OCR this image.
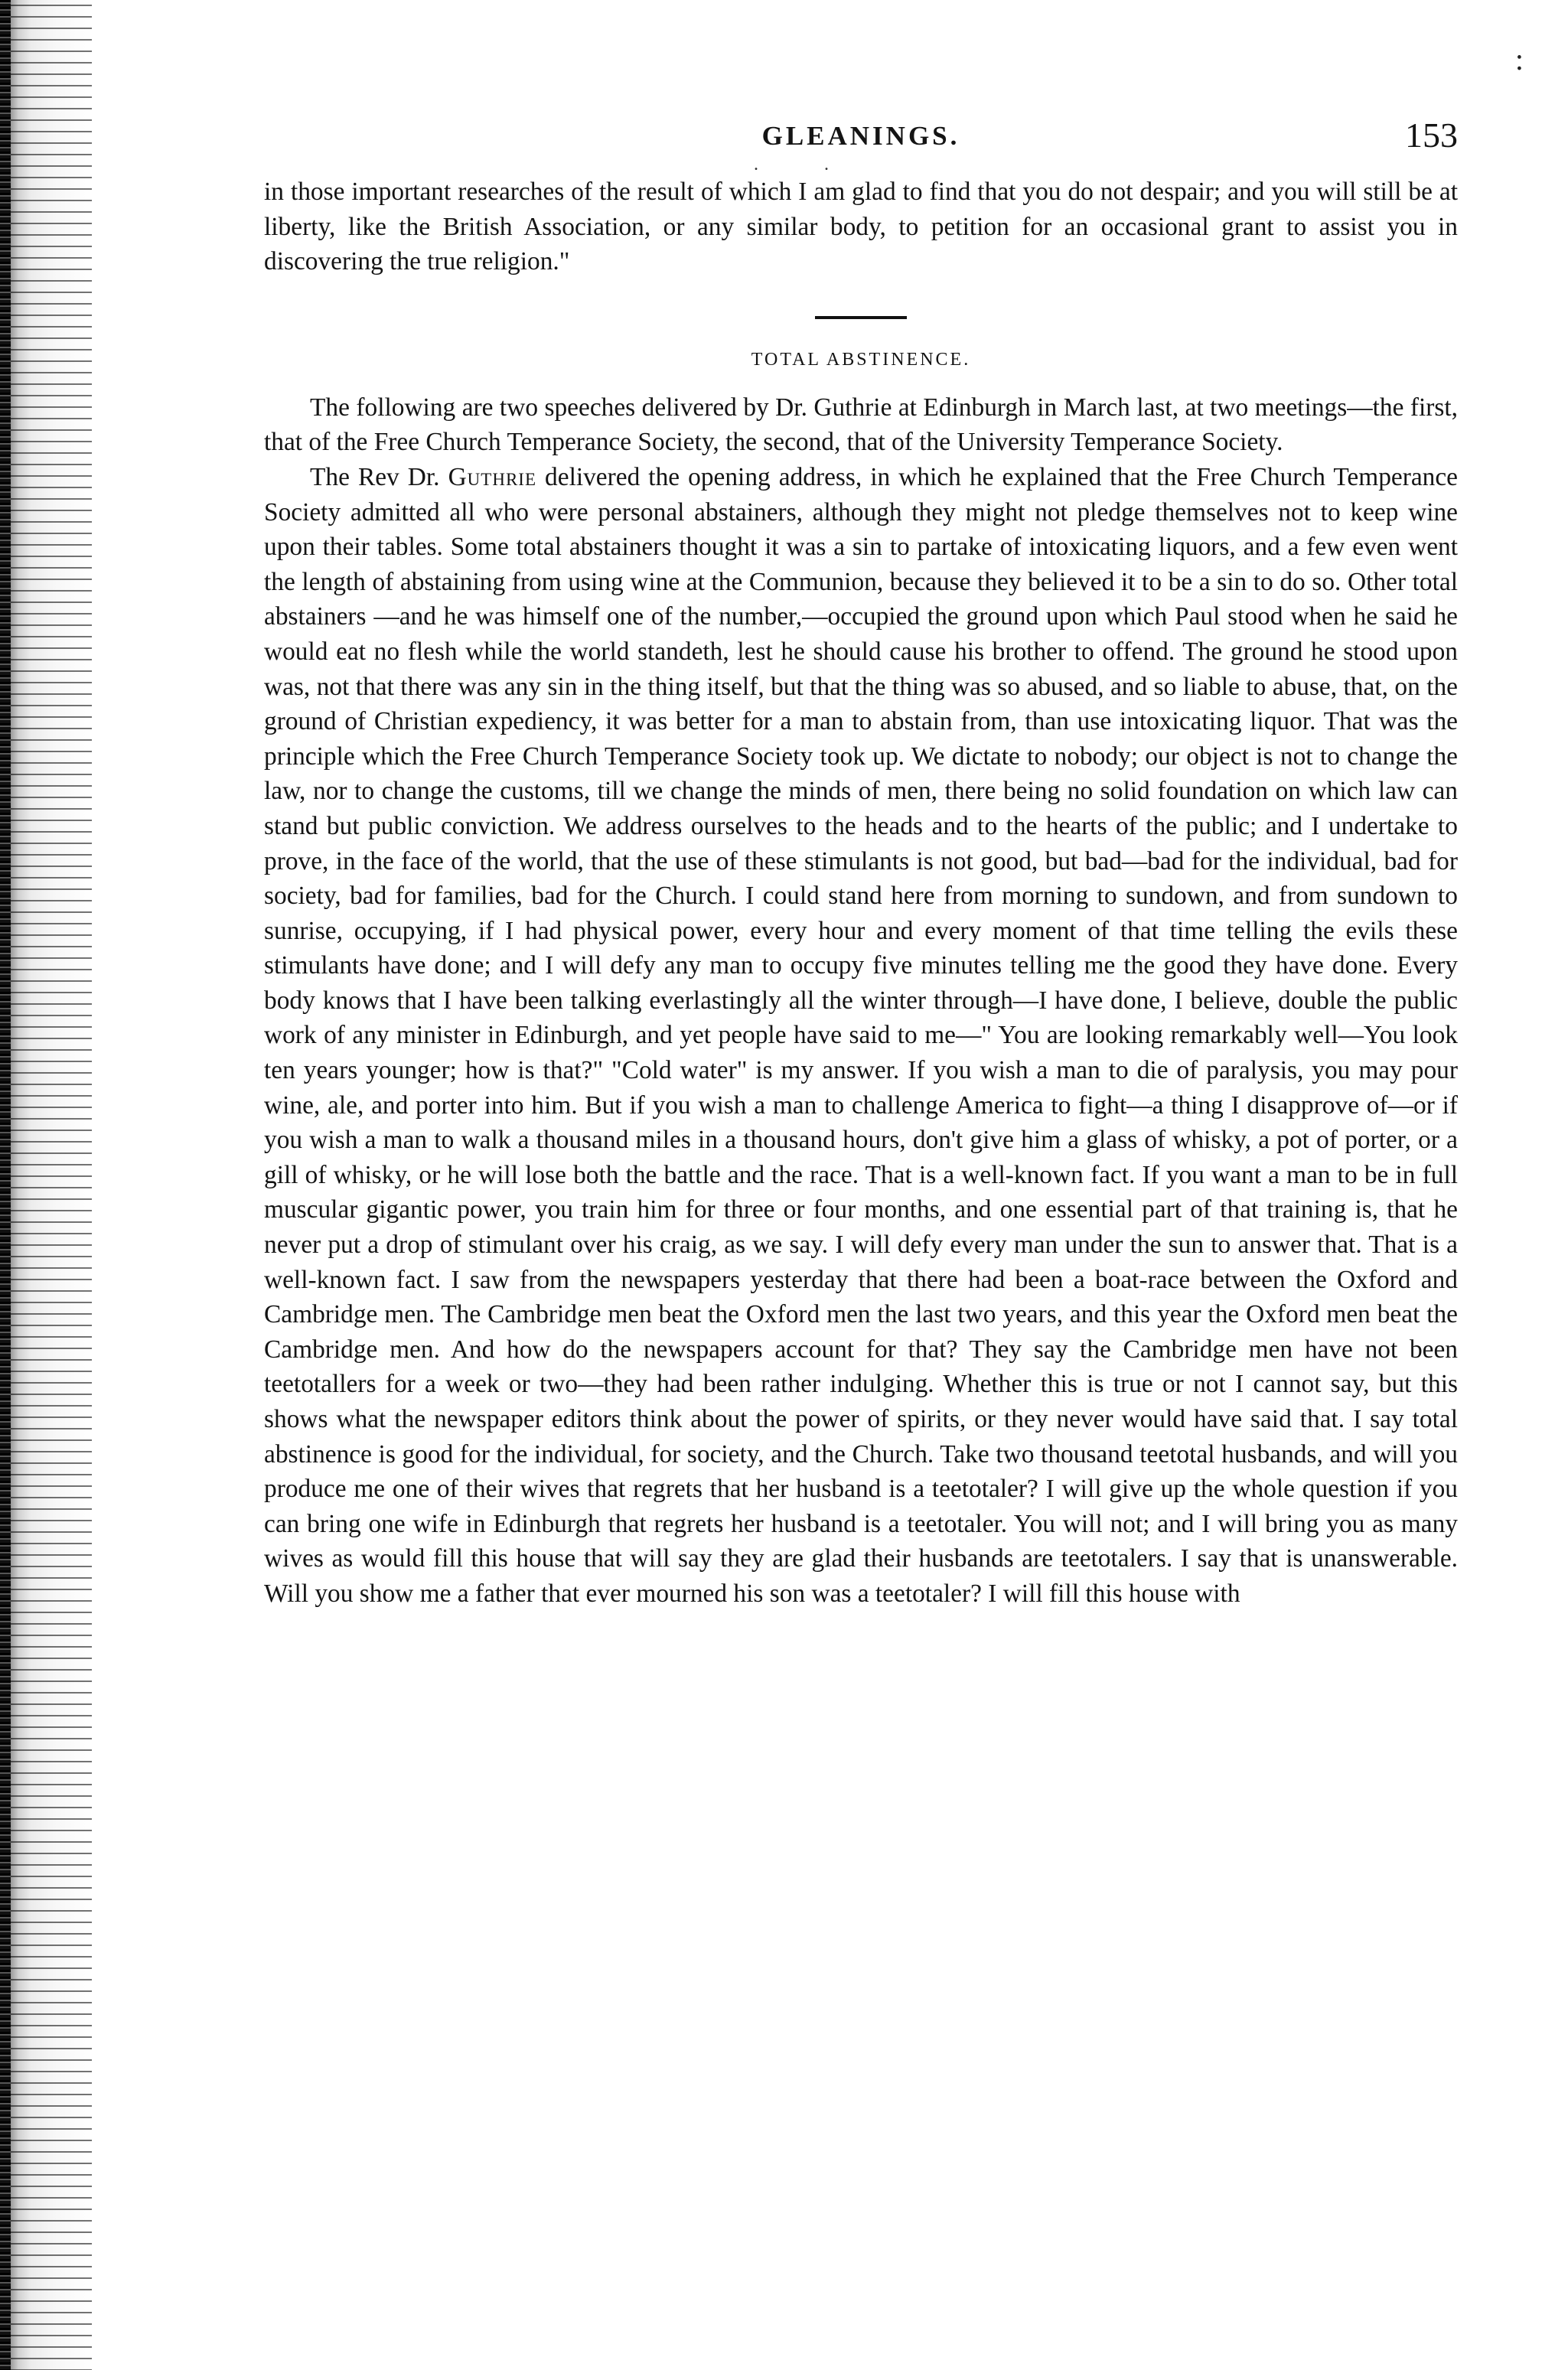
:
GLEANINGS.	153
. .

in those important researches of the result of which I am glad to find that you do not despair; and you will still be at liberty, like the British Association, or any similar body, to petition for an occasional grant to assist you in discovering the true religion."

TOTAL ABSTINENCE.

The following are two speeches delivered by Dr. Guthrie at Edinburgh in March last, at two meetings—the first, that of the Free Church Temperance Society, the second, that of the University Temperance Society.

The Rev Dr. Guthrie delivered the opening address, in which he explained that the Free Church Temperance Society admitted all who were personal abstainers, although they might not pledge themselves not to keep wine upon their tables. Some total abstainers thought it was a sin to partake of intoxicating liquors, and a few even went the length of abstaining from using wine at the Communion, because they believed it to be a sin to do so. Other total abstainers —and he was himself one of the number,—occupied the ground upon which Paul stood when he said he would eat no flesh while the world standeth, lest he should cause his brother to offend. The ground he stood upon was, not that there was any sin in the thing itself, but that the thing was so abused, and so liable to abuse, that, on the ground of Christian expediency, it was better for a man to abstain from, than use intoxicating liquor. That was the principle which the Free Church Temperance Society took up. We dictate to nobody; our object is not to change the law, nor to change the customs, till we change the minds of men, there being no solid foundation on which law can stand but public conviction. We address ourselves to the heads and to the hearts of the public; and I undertake to prove, in the face of the world, that the use of these stimulants is not good, but bad—bad for the individual, bad for society, bad for families, bad for the Church. I could stand here from morning to sundown, and from sundown to sunrise, occupying, if I had physical power, every hour and every moment of that time telling the evils these stimulants have done; and I will defy any man to occupy five minutes telling me the good they have done. Every body knows that I have been talking everlastingly all the winter through—I have done, I believe, double the public work of any minister in Edinburgh, and yet people have said to me—" You are looking remarkably well—You look ten years younger; how is that?" "Cold water" is my answer. If you wish a man to die of paralysis, you may pour wine, ale, and porter into him. But if you wish a man to challenge America to fight—a thing I disapprove of—or if you wish a man to walk a thousand miles in a thousand hours, don't give him a glass of whisky, a pot of porter, or a gill of whisky, or he will lose both the battle and the race. That is a well-known fact. If you want a man to be in full muscular gigantic power, you train him for three or four months, and one essential part of that training is, that he never put a drop of stimulant over his craig, as we say. I will defy every man under the sun to answer that. That is a well-known fact. I saw from the newspapers yesterday that there had been a boat-race between the Oxford and Cambridge men. The Cambridge men beat the Oxford men the last two years, and this year the Oxford men beat the Cambridge men. And how do the newspapers account for that? They say the Cambridge men have not been teetotallers for a week or two—they had been rather indulging. Whether this is true or not I cannot say, but this shows what the newspaper editors think about the power of spirits, or they never would have said that. I say total abstinence is good for the individual, for society, and the Church. Take two thousand teetotal husbands, and will you produce me one of their wives that regrets that her husband is a teetotaler? I will give up the whole question if you can bring one wife in Edinburgh that regrets her husband is a teetotaler. You will not; and I will bring you as many wives as would fill this house that will say they are glad their husbands are teetotalers. I say that is unanswerable. Will you show me a father that ever mourned his son was a teetotaler? I will fill this house with
